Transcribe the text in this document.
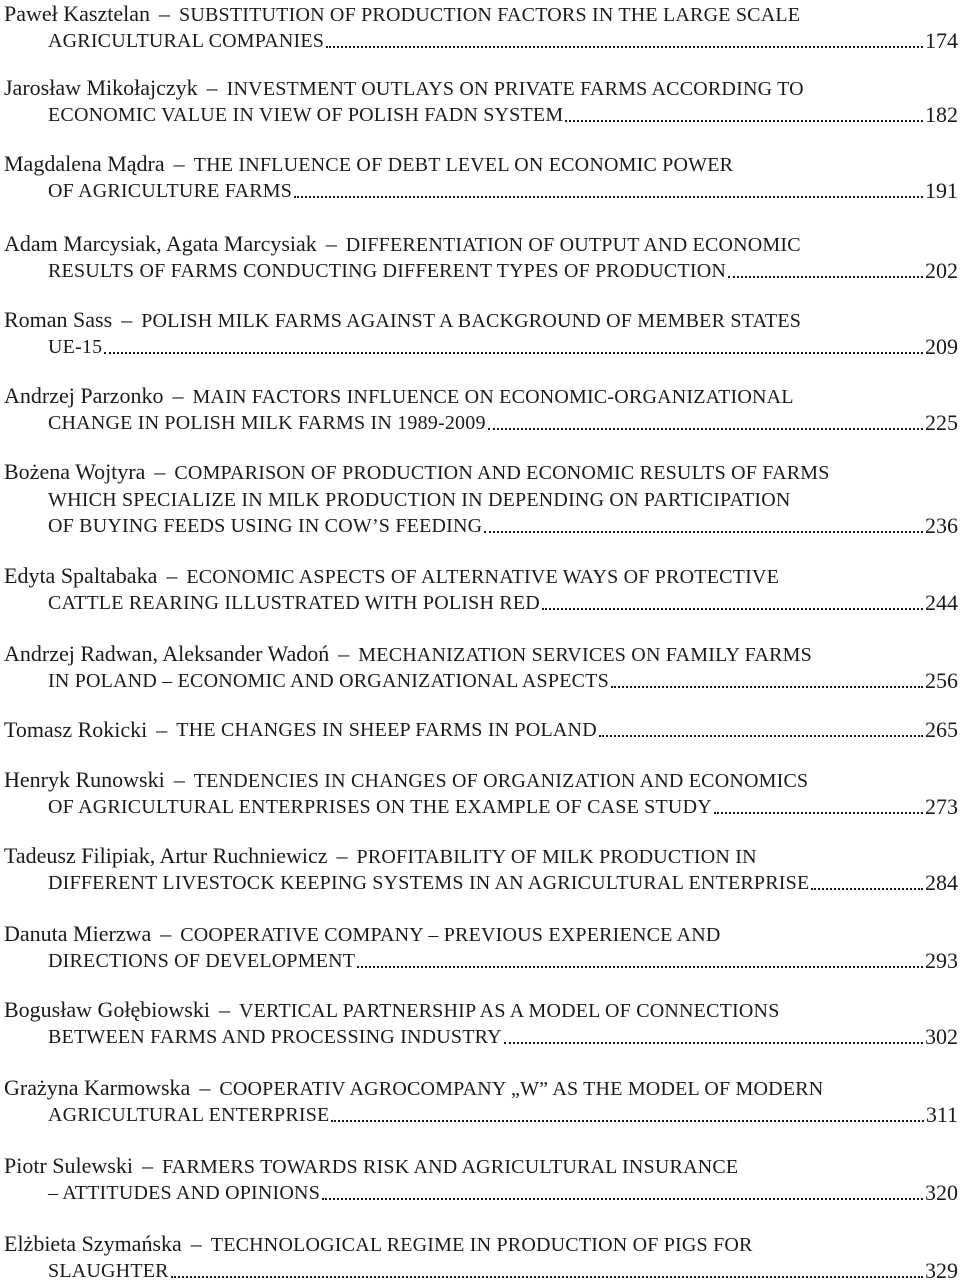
Paweł Kasztelan – SUBSTITUTION OF PRODUCTION FACTORS IN THE LARGE SCALE
AGRICULTURAL COMPANIES	174
Jarosław Mikołajczyk – INVESTMENT OUTLAYS ON PRIVATE FARMS ACCORDING TO
ECONOMIC VALUE IN VIEW OF POLISH FADN SYSTEM	182
Magdalena Mądra – THE INFLUENCE OF DEBT LEVEL ON ECONOMIC POWER
OF AGRICULTURE FARMS	191
Adam Marcysiak, Agata Marcysiak – DIFFERENTIATION OF OUTPUT AND ECONOMIC
RESULTS OF FARMS CONDUCTING DIFFERENT TYPES OF PRODUCTION	202
Roman Sass – POLISH MILK FARMS AGAINST A BACKGROUND OF MEMBER STATES
UE-15	209
Andrzej Parzonko – MAIN FACTORS INFLUENCE ON ECONOMIC-ORGANIZATIONAL
CHANGE IN POLISH MILK FARMS IN 1989-2009	225
Bożena Wojtyra – COMPARISON OF PRODUCTION AND ECONOMIC RESULTS OF FARMS
WHICH SPECIALIZE IN MILK PRODUCTION IN DEPENDING ON PARTICIPATION
OF BUYING FEEDS USING IN COW’S FEEDING	236
Edyta Spaltabaka – ECONOMIC ASPECTS OF ALTERNATIVE WAYS OF PROTECTIVE
CATTLE REARING ILLUSTRATED WITH POLISH RED	244
Andrzej Radwan, Aleksander Wadoń – MECHANIZATION SERVICES ON FAMILY FARMS
IN POLAND – ECONOMIC AND ORGANIZATIONAL ASPECTS	256
Tomasz Rokicki – THE CHANGES IN SHEEP FARMS IN POLAND	265
Henryk Runowski – TENDENCIES IN CHANGES OF ORGANIZATION AND ECONOMICS
OF AGRICULTURAL ENTERPRISES ON THE EXAMPLE OF CASE STUDY	273
Tadeusz Filipiak, Artur Ruchniewicz – PROFITABILITY OF MILK PRODUCTION IN
DIFFERENT LIVESTOCK KEEPING SYSTEMS IN AN AGRICULTURAL ENTERPRISE	284
Danuta Mierzwa – COOPERATIVE COMPANY – PREVIOUS EXPERIENCE AND
DIRECTIONS OF DEVELOPMENT	293
Bogusław Gołębiowski – VERTICAL PARTNERSHIP AS A MODEL OF CONNECTIONS
BETWEEN FARMS AND PROCESSING INDUSTRY	302
Grażyna Karmowska – COOPERATIV AGROCOMPANY „W” AS THE MODEL OF MODERN
AGRICULTURAL ENTERPRISE	311
Piotr Sulewski – FARMERS TOWARDS RISK AND AGRICULTURAL INSURANCE
– ATTITUDES AND OPINIONS	320
Elżbieta Szymańska – TECHNOLOGICAL REGIME IN PRODUCTION OF PIGS FOR
SLAUGHTER	329
